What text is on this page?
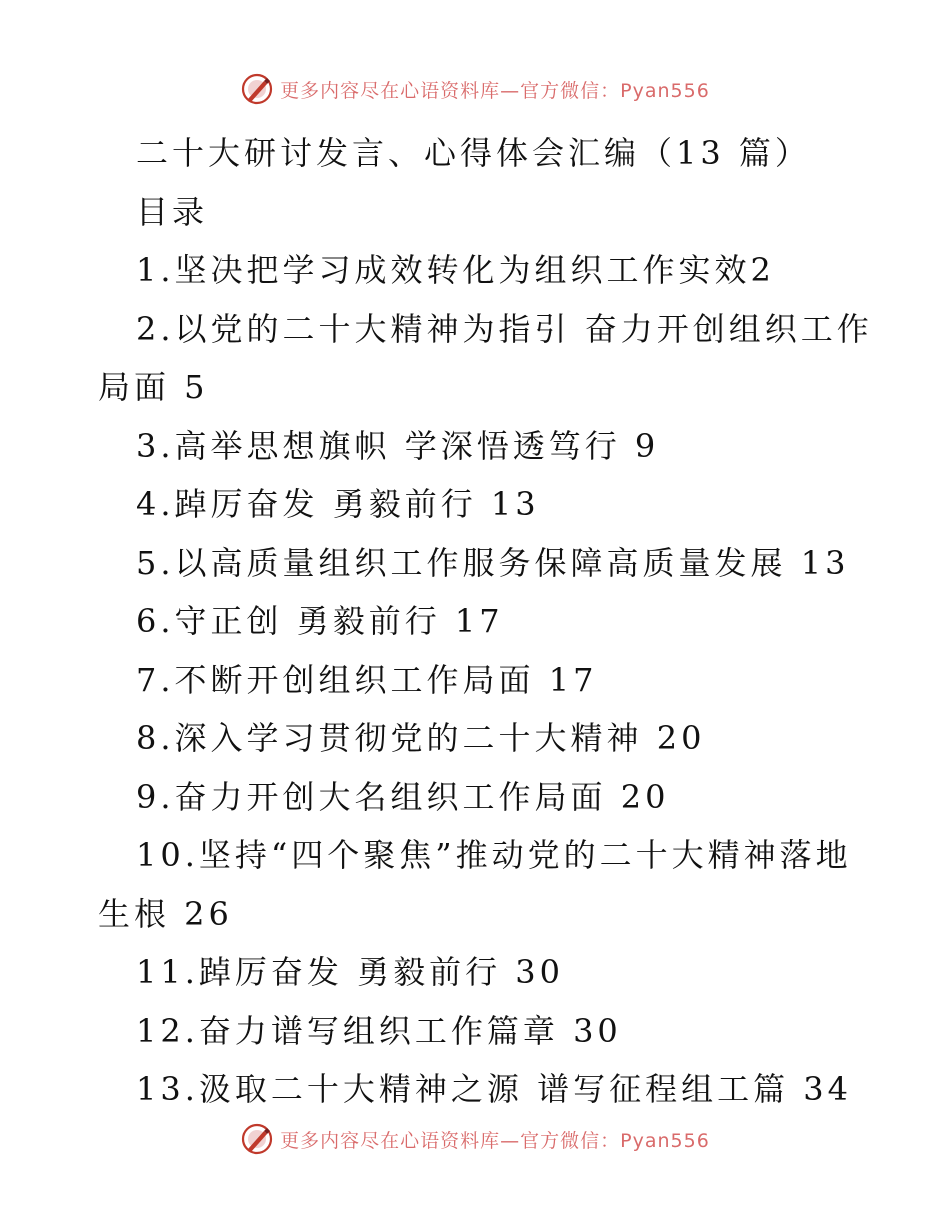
更多内容尽在心语资料库—官方微信：Pyan556
二十大研讨发言、心得体会汇编（13 篇）
目录
1.坚决把学习成效转化为组织工作实效2
2.以党的二十大精神为指引 奋力开创组织工作
局面 5
3.高举思想旗帜 学深悟透笃行 9
4.踔厉奋发 勇毅前行 13
5.以高质量组织工作服务保障高质量发展 13
6.守正创 勇毅前行 17
7.不断开创组织工作局面 17
8.深入学习贯彻党的二十大精神 20
9.奋力开创大名组织工作局面 20
10.坚持“四个聚焦”推动党的二十大精神落地
生根 26
11.踔厉奋发 勇毅前行 30
12.奋力谱写组织工作篇章 30
13.汲取二十大精神之源 谱写征程组工篇 34
更多内容尽在心语资料库—官方微信：Pyan556
